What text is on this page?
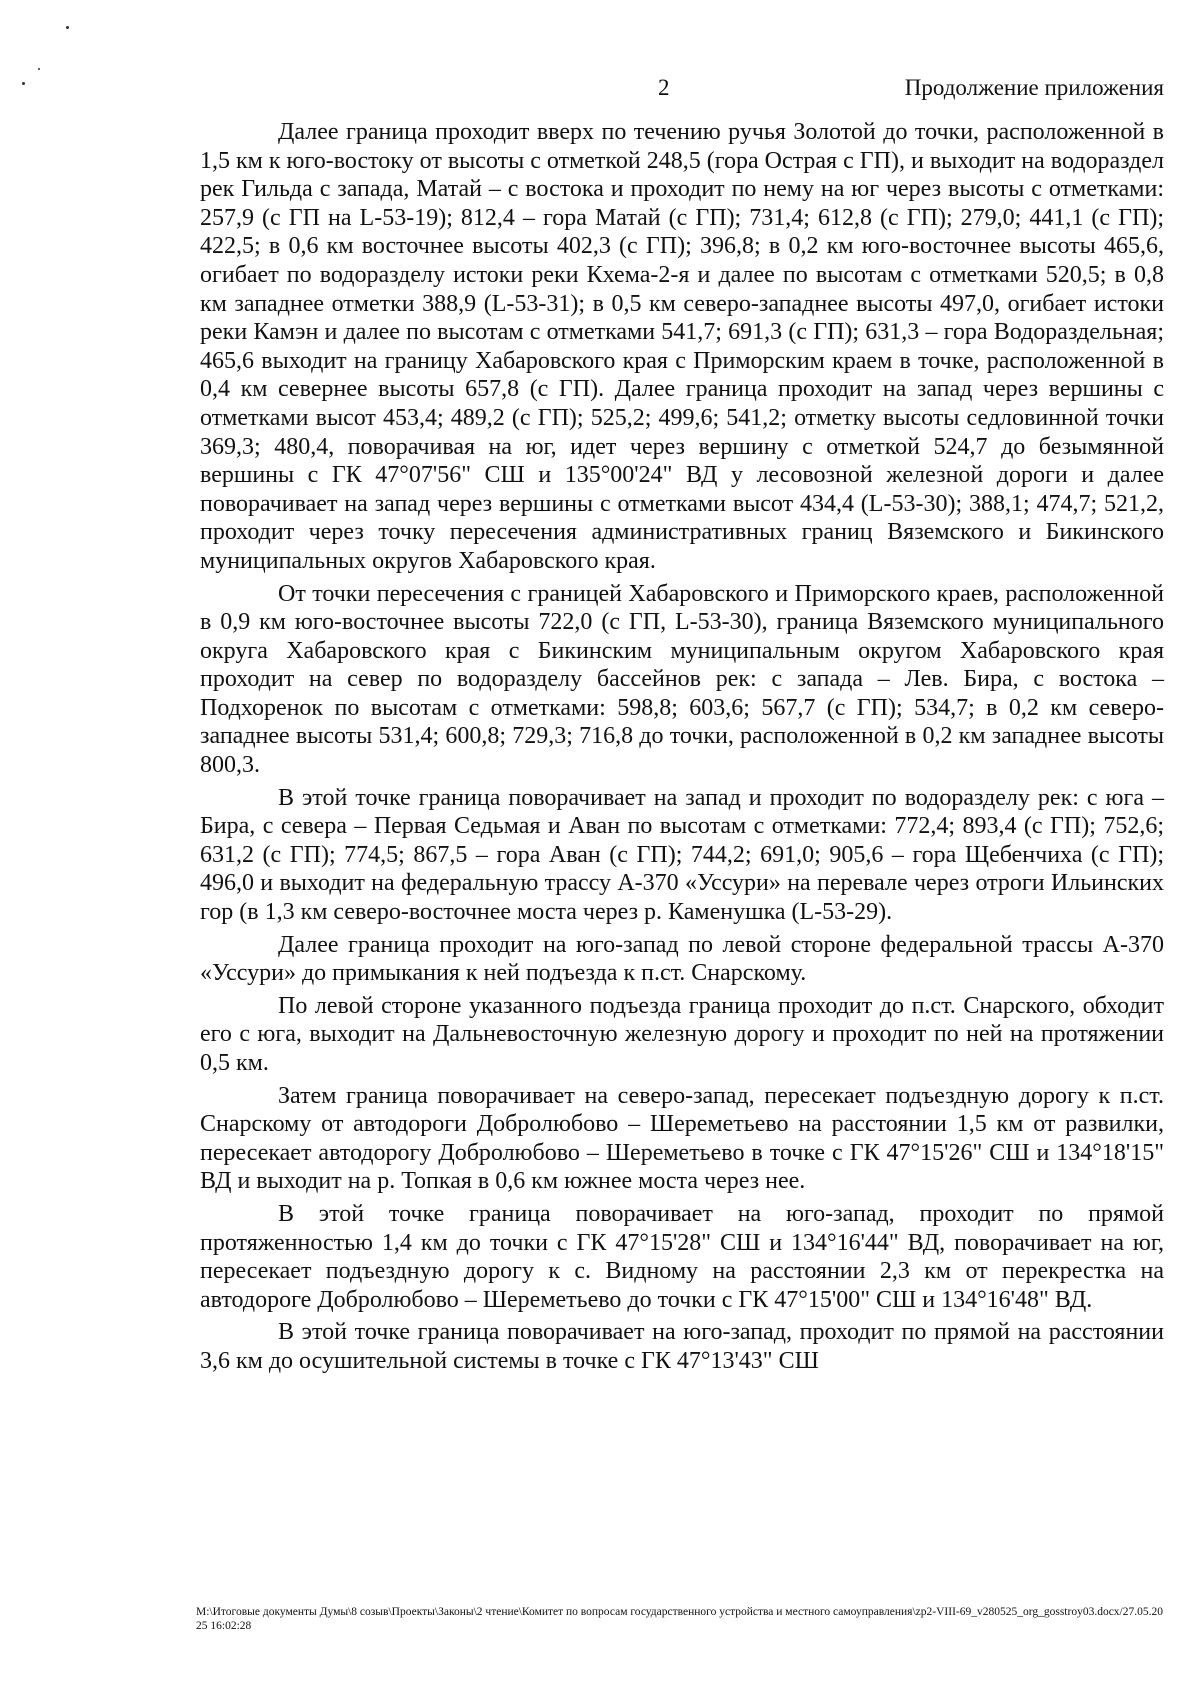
2	Продолжение приложения

Далее граница проходит вверх по течению ручья Золотой до точки, расположенной в 1,5 км к юго-востоку от высоты с отметкой 248,5 (гора Острая с ГП), и выходит на водораздел рек Гильда с запада, Матай – с востока и проходит по нему на юг через высоты с отметками: 257,9 (с ГП на L-53-19); 812,4 – гора Матай (с ГП); 731,4; 612,8 (с ГП); 279,0; 441,1 (с ГП); 422,5; в 0,6 км восточнее высоты 402,3 (с ГП); 396,8; в 0,2 км юго-восточнее высоты 465,6, огибает по водоразделу истоки реки Кхема-2-я и далее по высотам с отметками 520,5; в 0,8 км западнее отметки 388,9 (L-53-31); в 0,5 км северо-западнее высоты 497,0, огибает истоки реки Камэн и далее по высотам с отметками 541,7; 691,3 (с ГП); 631,3 – гора Водораздельная; 465,6 выходит на границу Хабаровского края с Приморским краем в точке, расположенной в 0,4 км севернее высоты 657,8 (с ГП). Далее граница проходит на запад через вершины с отметками высот 453,4; 489,2 (с ГП); 525,2; 499,6; 541,2; отметку высоты седловинной точки 369,3; 480,4, поворачивая на юг, идет через вершину с отметкой 524,7 до безымянной вершины с ГК 47°07'56" СШ и 135°00'24" ВД у лесовозной железной дороги и далее поворачивает на запад через вершины с отметками высот 434,4 (L-53-30); 388,1; 474,7; 521,2, проходит через точку пересечения административных границ Вяземского и Бикинского муниципальных округов Хабаровского края.

От точки пересечения с границей Хабаровского и Приморского краев, расположенной в 0,9 км юго-восточнее высоты 722,0 (с ГП, L-53-30), граница Вяземского муниципального округа Хабаровского края с Бикинским муниципальным округом Хабаровского края проходит на север по водоразделу бассейнов рек: с запада – Лев. Бира, с востока – Подхоренок по высотам с отметками: 598,8; 603,6; 567,7 (с ГП); 534,7; в 0,2 км северо-западнее высоты 531,4; 600,8; 729,3; 716,8 до точки, расположенной в 0,2 км западнее высоты 800,3.

В этой точке граница поворачивает на запад и проходит по водоразделу рек: с юга – Бира, с севера – Первая Седьмая и Аван по высотам с отметками: 772,4; 893,4 (с ГП); 752,6; 631,2 (с ГП); 774,5; 867,5 – гора Аван (с ГП); 744,2; 691,0; 905,6 – гора Щебенчиха (с ГП); 496,0 и выходит на федеральную трассу А-370 «Уссури» на перевале через отроги Ильинских гор (в 1,3 км северо-восточнее моста через р. Каменушка (L-53-29).

Далее граница проходит на юго-запад по левой стороне федеральной трассы А-370 «Уссури» до примыкания к ней подъезда к п.ст. Снарскому.

По левой стороне указанного подъезда граница проходит до п.ст. Снарского, обходит его с юга, выходит на Дальневосточную железную дорогу и проходит по ней на протяжении 0,5 км.

Затем граница поворачивает на северо-запад, пересекает подъездную дорогу к п.ст. Снарскому от автодороги Добролюбово – Шереметьево на расстоянии 1,5 км от развилки, пересекает автодорогу Добролюбово – Шереметьево в точке с ГК 47°15'26" СШ и 134°18'15" ВД и выходит на р. Топкая в 0,6 км южнее моста через нее.

В этой точке граница поворачивает на юго-запад, проходит по прямой протяженностью 1,4 км до точки с ГК 47°15'28" СШ и 134°16'44" ВД, поворачивает на юг, пересекает подъездную дорогу к с. Видному на расстоянии 2,3 км от перекрестка на автодороге Добролюбово – Шереметьево до точки с ГК 47°15'00" СШ и 134°16'48" ВД.

В этой точке граница поворачивает на юго-запад, проходит по прямой на расстоянии 3,6 км до осушительной системы в точке с ГК 47°13'43" СШ

M:\Итоговые документы Думы\8 созыв\Проекты\Законы\2 чтение\Комитет по вопросам государственного устройства и местного самоуправления\zp2-VIII-69_v280525_org_gosstroy03.docx/27.05.2025 16:02:28
